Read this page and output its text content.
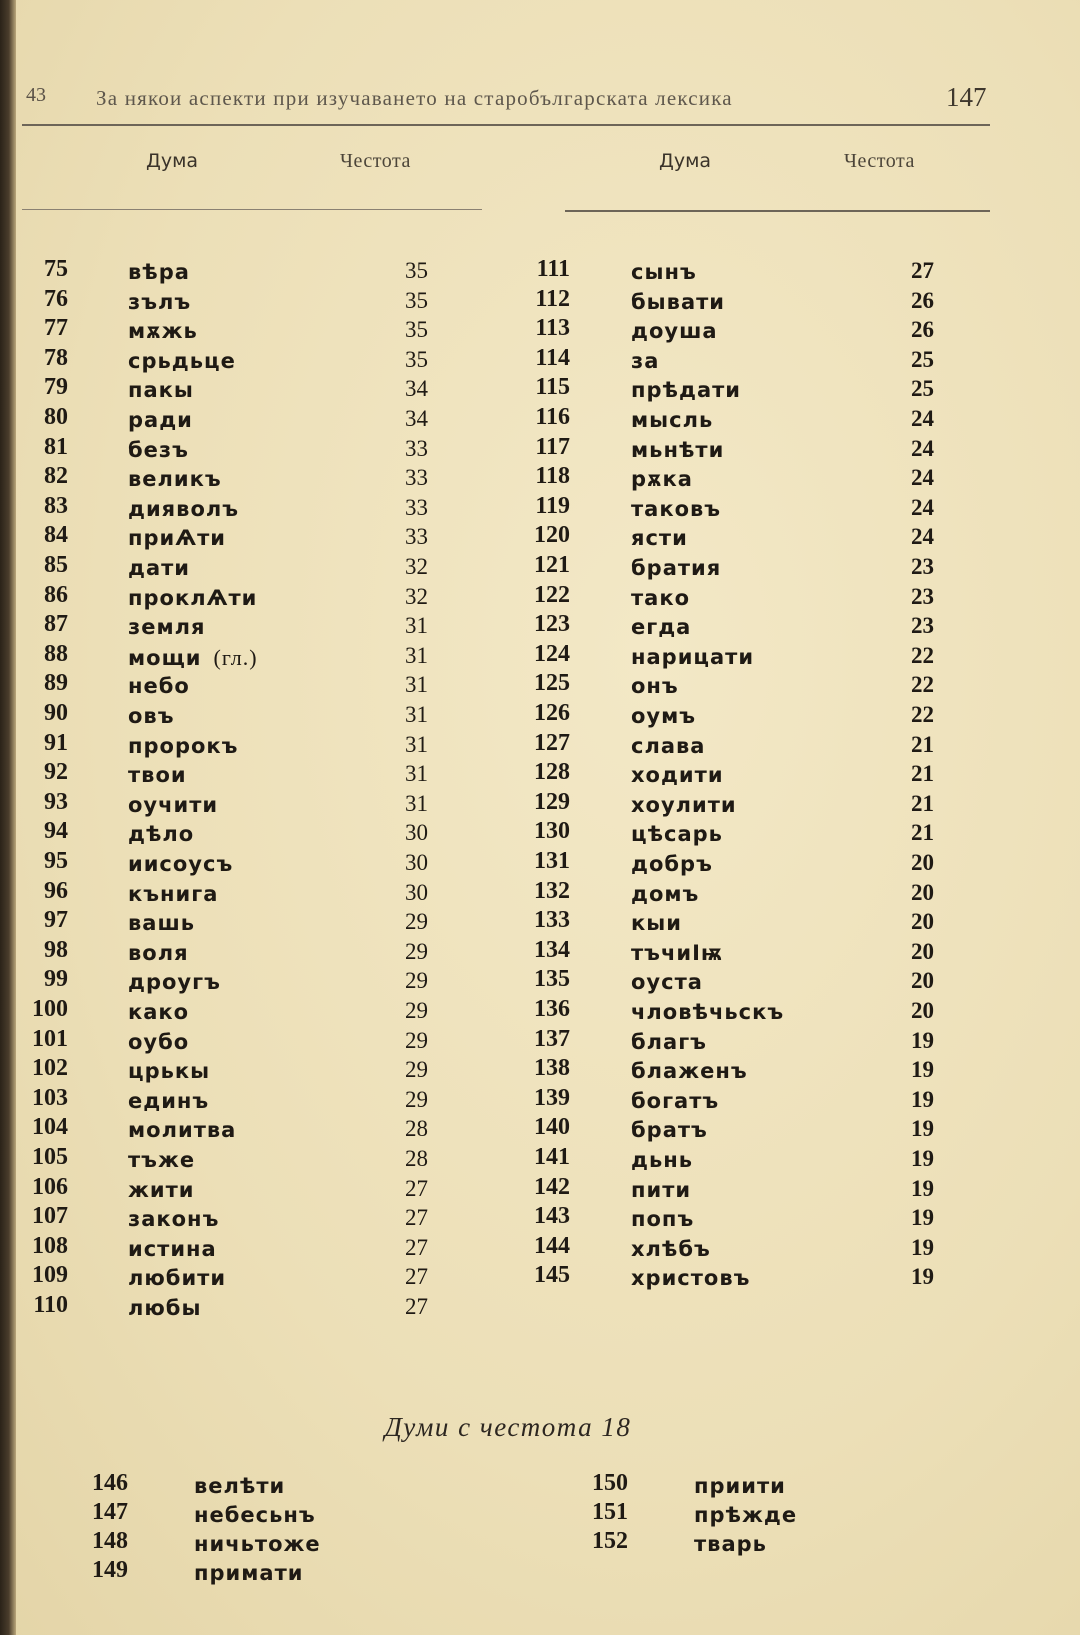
43 За някои аспекти при изучаването на старобългарската лексика	147
Дума	Честота	Дума	Честота
75	вѣра	35
76	зълъ	35
77	мѫжь	35
78	срьдьце	35
79	пакы	34
80	ради	34
81	безъ	33
82	великъ	33
83	дияволъ	33
84	приѦти	33
85	дати	32
86	проклѦти	32
87	земля	31
88	мощи (гл.)	31
89	небо	31
90	овъ	31
91	пророкъ	31
92	твои	31
93	оучити	31
94	дѣло	30
95	иисоусъ	30
96	кънига	30
97	вашь	29
98	воля	29
99	дроугъ	29
100	како	29
101	оубо	29
102	црькы	29
103	единъ	29
104	молитва	28
105	тъже	28
106	жити	27
107	законъ	27
108	истина	27
109	любити	27
110	любы	27
111	сынъ	27
112	бывати	26
113	доуша	26
114	за	25
115	прѣдати	25
116	мысль	24
117	мьнѣти	24
118	рѫка	24
119	таковъ	24
120	ясти	24
121	братия	23
122	тако	23
123	егда	23
124	нарицати	22
125	онъ	22
126	оумъ	22
127	слава	21
128	ходити	21
129	хоулити	21
130	цѣсарь	21
131	добръ	20
132	домъ	20
133	кыи	20
134	тъчиІѭ	20
135	оуста	20
136	чловѣчьскъ	20
137	благъ	19
138	блаженъ	19
139	богатъ	19
140	братъ	19
141	дьнь	19
142	пити	19
143	попъ	19
144	хлѣбъ	19
145	христовъ	19
Думи с честота 18
146	велѣти
147	небесьнъ
148	ничьтоже
149	примати
150	приити
151	прѣжде
152	тварь
